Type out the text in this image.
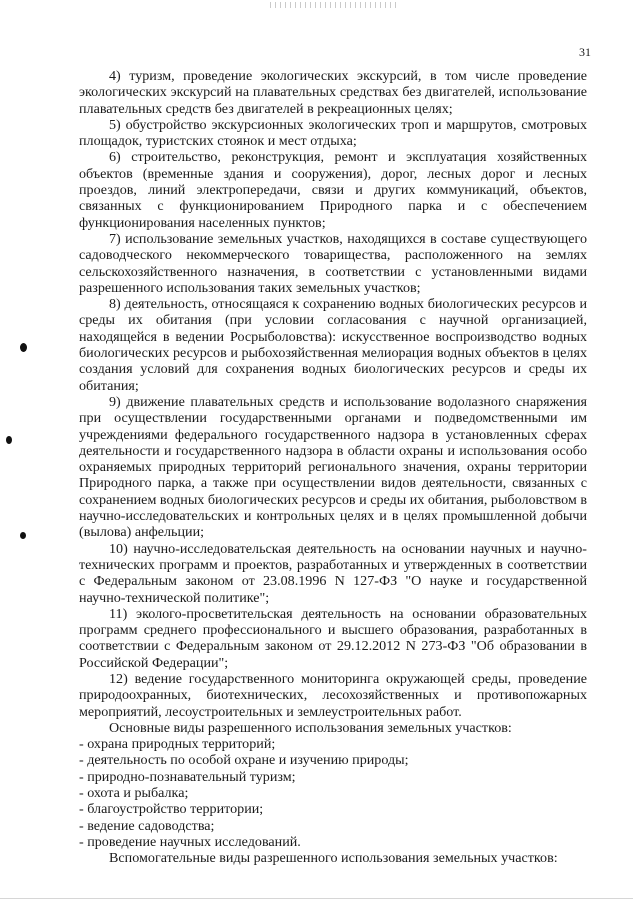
31

4) туризм, проведение экологических экскурсий, в том числе проведение экологических экскурсий на плавательных средствах без двигателей, использование плавательных средств без двигателей в рекреационных целях;

5) обустройство экскурсионных экологических троп и маршрутов, смотровых площадок, туристских стоянок и мест отдыха;

6) строительство, реконструкция, ремонт и эксплуатация хозяйственных объектов (временные здания и сооружения), дорог, лесных дорог и лесных проездов, линий электропередачи, связи и других коммуникаций, объектов, связанных с функционированием Природного парка и с обеспечением функционирования населенных пунктов;

7) использование земельных участков, находящихся в составе существующего садоводческого некоммерческого товарищества, расположенного на землях сельскохозяйственного назначения, в соответствии с установленными видами разрешенного использования таких земельных участков;

8) деятельность, относящаяся к сохранению водных биологических ресурсов и среды их обитания (при условии согласования с научной организацией, находящейся в ведении Росрыболовства): искусственное воспроизводство водных биологических ресурсов и рыбохозяйственная мелиорация водных объектов в целях создания условий для сохранения водных биологических ресурсов и среды их обитания;

9) движение плавательных средств и использование водолазного снаряжения при осуществлении государственными органами и подведомственными им учреждениями федерального государственного надзора в установленных сферах деятельности и государственного надзора в области охраны и использования особо охраняемых природных территорий регионального значения, охраны территории Природного парка, а также при осуществлении видов деятельности, связанных с сохранением водных биологических ресурсов и среды их обитания, рыболовством в научно-исследовательских и контрольных целях и в целях промышленной добычи (вылова) анфельции;

10) научно-исследовательская деятельность на основании научных и научно-технических программ и проектов, разработанных и утвержденных в соответствии с Федеральным законом от 23.08.1996 N 127-ФЗ "О науке и государственной научно-технической политике";

11) эколого-просветительская деятельность на основании образовательных программ среднего профессионального и высшего образования, разработанных в соответствии с Федеральным законом от 29.12.2012 N 273-ФЗ "Об образовании в Российской Федерации";

12) ведение государственного мониторинга окружающей среды, проведение природоохранных, биотехнических, лесохозяйственных и противопожарных мероприятий, лесоустроительных и землеустроительных работ.

Основные виды разрешенного использования земельных участков:

- охрана природных территорий;

- деятельность по особой охране и изучению природы;

- природно-познавательный туризм;

- охота и рыбалка;

- благоустройство территории;

- ведение садоводства;

- проведение научных исследований.

Вспомогательные виды разрешенного использования земельных участков:
